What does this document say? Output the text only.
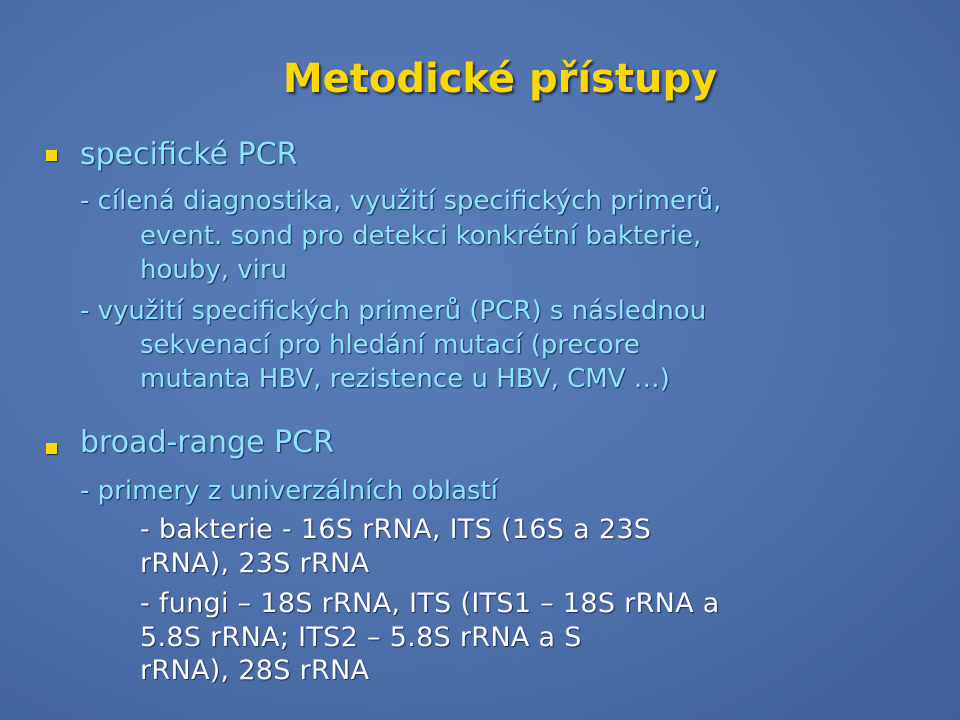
Metodické přístupy
specifické PCR
- cílená diagnostika, využití specifických primerů,
event. sond pro detekci konkrétní bakterie,
houby, viru
- využití specifických primerů (PCR) s následnou
sekvenací pro hledání mutací (precore
mutanta HBV, rezistence u HBV, CMV …)
broad-range PCR
- primery z univerzálních oblastí
- bakterie - 16S rRNA, ITS (16S a 23S
rRNA), 23S rRNA
- fungi – 18S rRNA, ITS (ITS1 – 18S rRNA a
5.8S rRNA; ITS2 – 5.8S rRNA a S
rRNA), 28S rRNA
